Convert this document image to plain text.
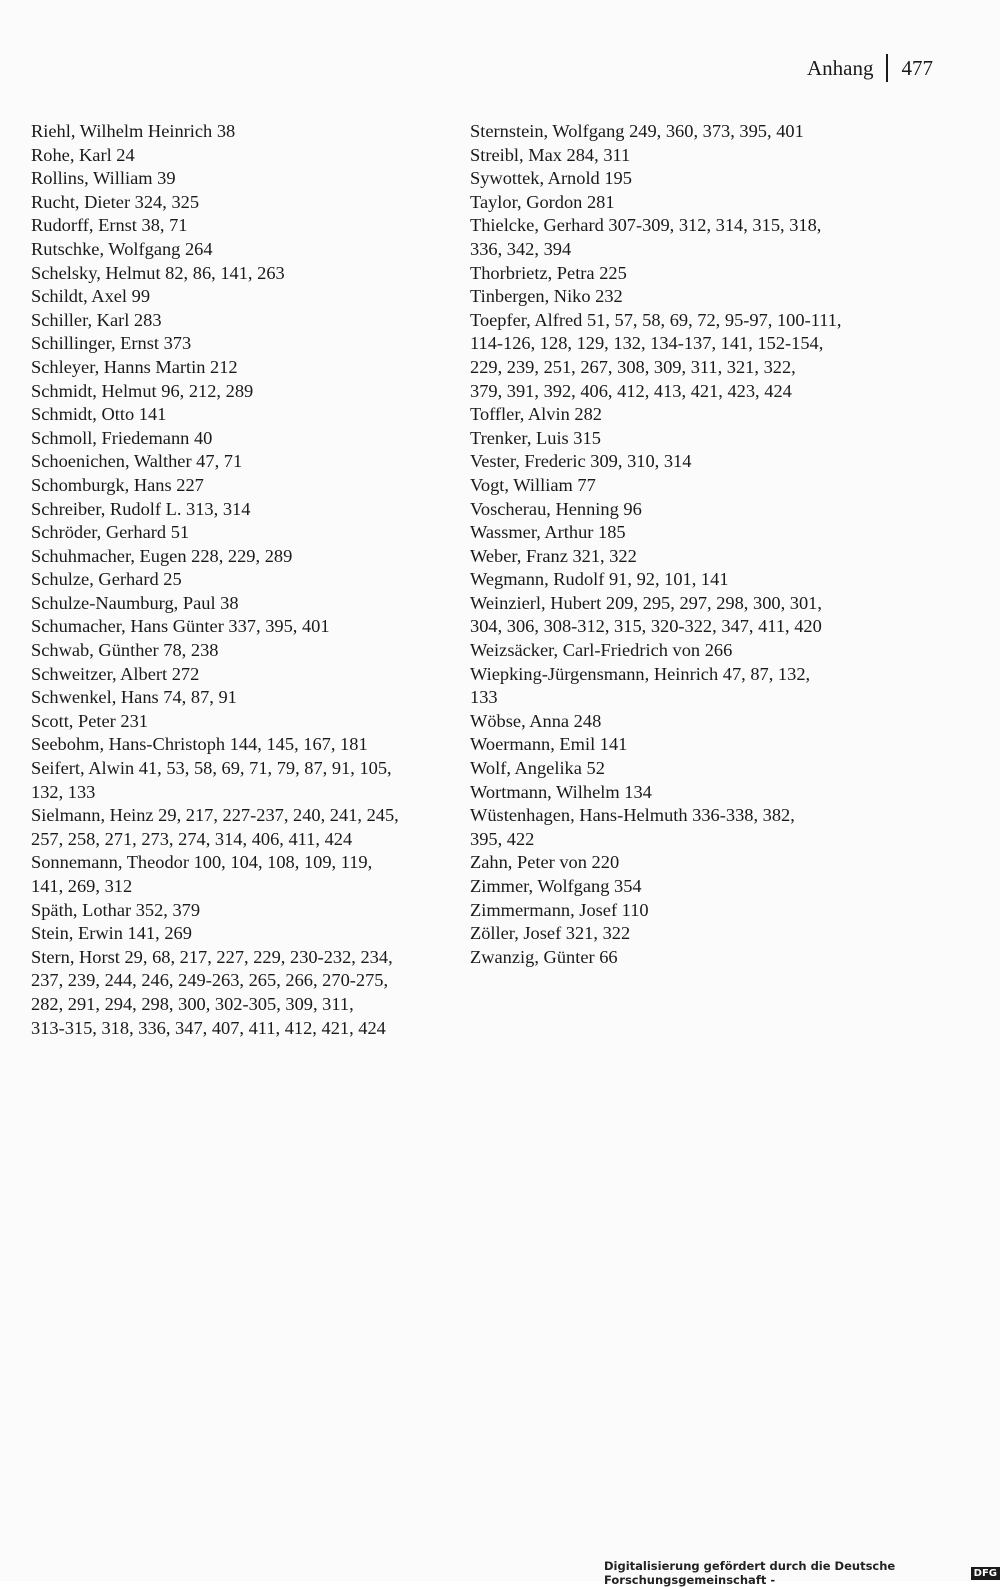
Anhang	477
Riehl, Wilhelm Heinrich 38
Rohe, Karl 24
Rollins, William 39
Rucht, Dieter 324, 325
Rudorff, Ernst 38, 71
Rutschke, Wolfgang 264
Schelsky, Helmut 82, 86, 141, 263
Schildt, Axel 99
Schiller, Karl 283
Schillinger, Ernst 373
Schleyer, Hanns Martin 212
Schmidt, Helmut 96, 212, 289
Schmidt, Otto 141
Schmoll, Friedemann 40
Schoenichen, Walther 47, 71
Schomburgk, Hans 227
Schreiber, Rudolf L. 313, 314
Schröder, Gerhard 51
Schuhmacher, Eugen 228, 229, 289
Schulze, Gerhard 25
Schulze-Naumburg, Paul 38
Schumacher, Hans Günter 337, 395, 401
Schwab, Günther 78, 238
Schweitzer, Albert 272
Schwenkel, Hans 74, 87, 91
Scott, Peter 231
Seebohm, Hans-Christoph 144, 145, 167, 181
Seifert, Alwin 41, 53, 58, 69, 71, 79, 87, 91, 105,
132, 133
Sielmann, Heinz 29, 217, 227-237, 240, 241, 245,
257, 258, 271, 273, 274, 314, 406, 411, 424
Sonnemann, Theodor 100, 104, 108, 109, 119,
141, 269, 312
Späth, Lothar 352, 379
Stein, Erwin 141, 269
Stern, Horst 29, 68, 217, 227, 229, 230-232, 234,
237, 239, 244, 246, 249-263, 265, 266, 270-275,
282, 291, 294, 298, 300, 302-305, 309, 311,
313-315, 318, 336, 347, 407, 411, 412, 421, 424
Sternstein, Wolfgang 249, 360, 373, 395, 401
Streibl, Max 284, 311
Sywottek, Arnold 195
Taylor, Gordon 281
Thielcke, Gerhard 307-309, 312, 314, 315, 318,
336, 342, 394
Thorbrietz, Petra 225
Tinbergen, Niko 232
Toepfer, Alfred 51, 57, 58, 69, 72, 95-97, 100-111,
114-126, 128, 129, 132, 134-137, 141, 152-154,
229, 239, 251, 267, 308, 309, 311, 321, 322,
379, 391, 392, 406, 412, 413, 421, 423, 424
Toffler, Alvin 282
Trenker, Luis 315
Vester, Frederic 309, 310, 314
Vogt, William 77
Voscherau, Henning 96
Wassmer, Arthur 185
Weber, Franz 321, 322
Wegmann, Rudolf 91, 92, 101, 141
Weinzierl, Hubert 209, 295, 297, 298, 300, 301,
304, 306, 308-312, 315, 320-322, 347, 411, 420
Weizsäcker, Carl-Friedrich von 266
Wiepking-Jürgensmann, Heinrich 47, 87, 132,
133
Wöbse, Anna 248
Woermann, Emil 141
Wolf, Angelika 52
Wortmann, Wilhelm 134
Wüstenhagen, Hans-Helmuth 336-338, 382,
395, 422
Zahn, Peter von 220
Zimmer, Wolfgang 354
Zimmermann, Josef 110
Zöller, Josef 321, 322
Zwanzig, Günter 66
Digitalisierung gefördert durch die Deutsche Forschungsgemeinschaft -	DFG
